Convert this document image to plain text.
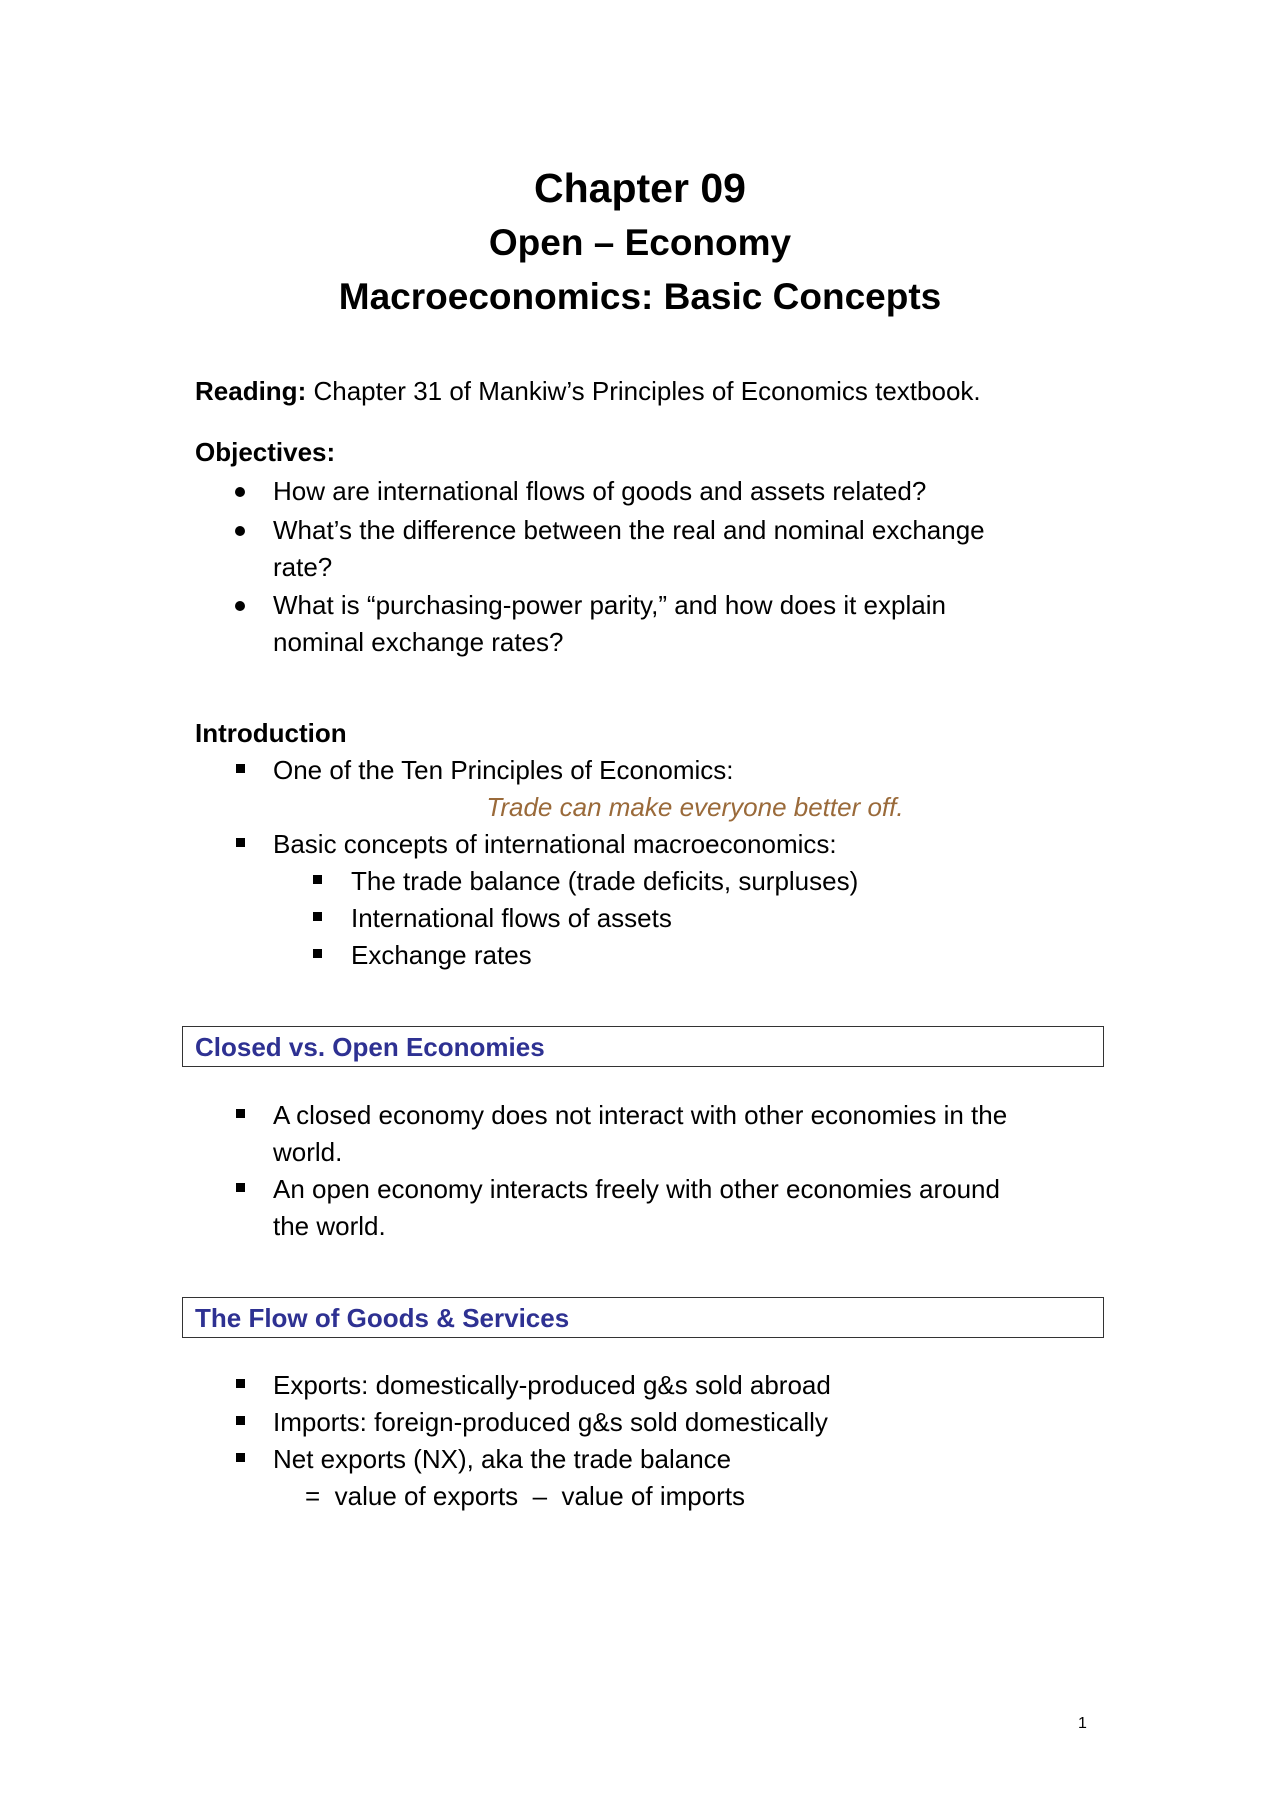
Chapter 09
Open – Economy
Macroeconomics: Basic Concepts
Reading: Chapter 31 of Mankiw’s Principles of Economics textbook.
Objectives:
How are international flows of goods and assets related?
What’s the difference between the real and nominal exchange
rate?
What is “purchasing-power parity,” and how does it explain
nominal exchange rates?
Introduction
One of the Ten Principles of Economics:
Trade can make everyone better off.
Basic concepts of international macroeconomics:
The trade balance (trade deficits, surpluses)
International flows of assets
Exchange rates
Closed vs. Open Economies
A closed economy does not interact with other economies in the
world.
An open economy interacts freely with other economies around
the world.
The Flow of Goods & Services
Exports: domestically-produced g&s sold abroad
Imports: foreign-produced g&s sold domestically
Net exports (NX), aka the trade balance
=  value of exports  –  value of imports
1
